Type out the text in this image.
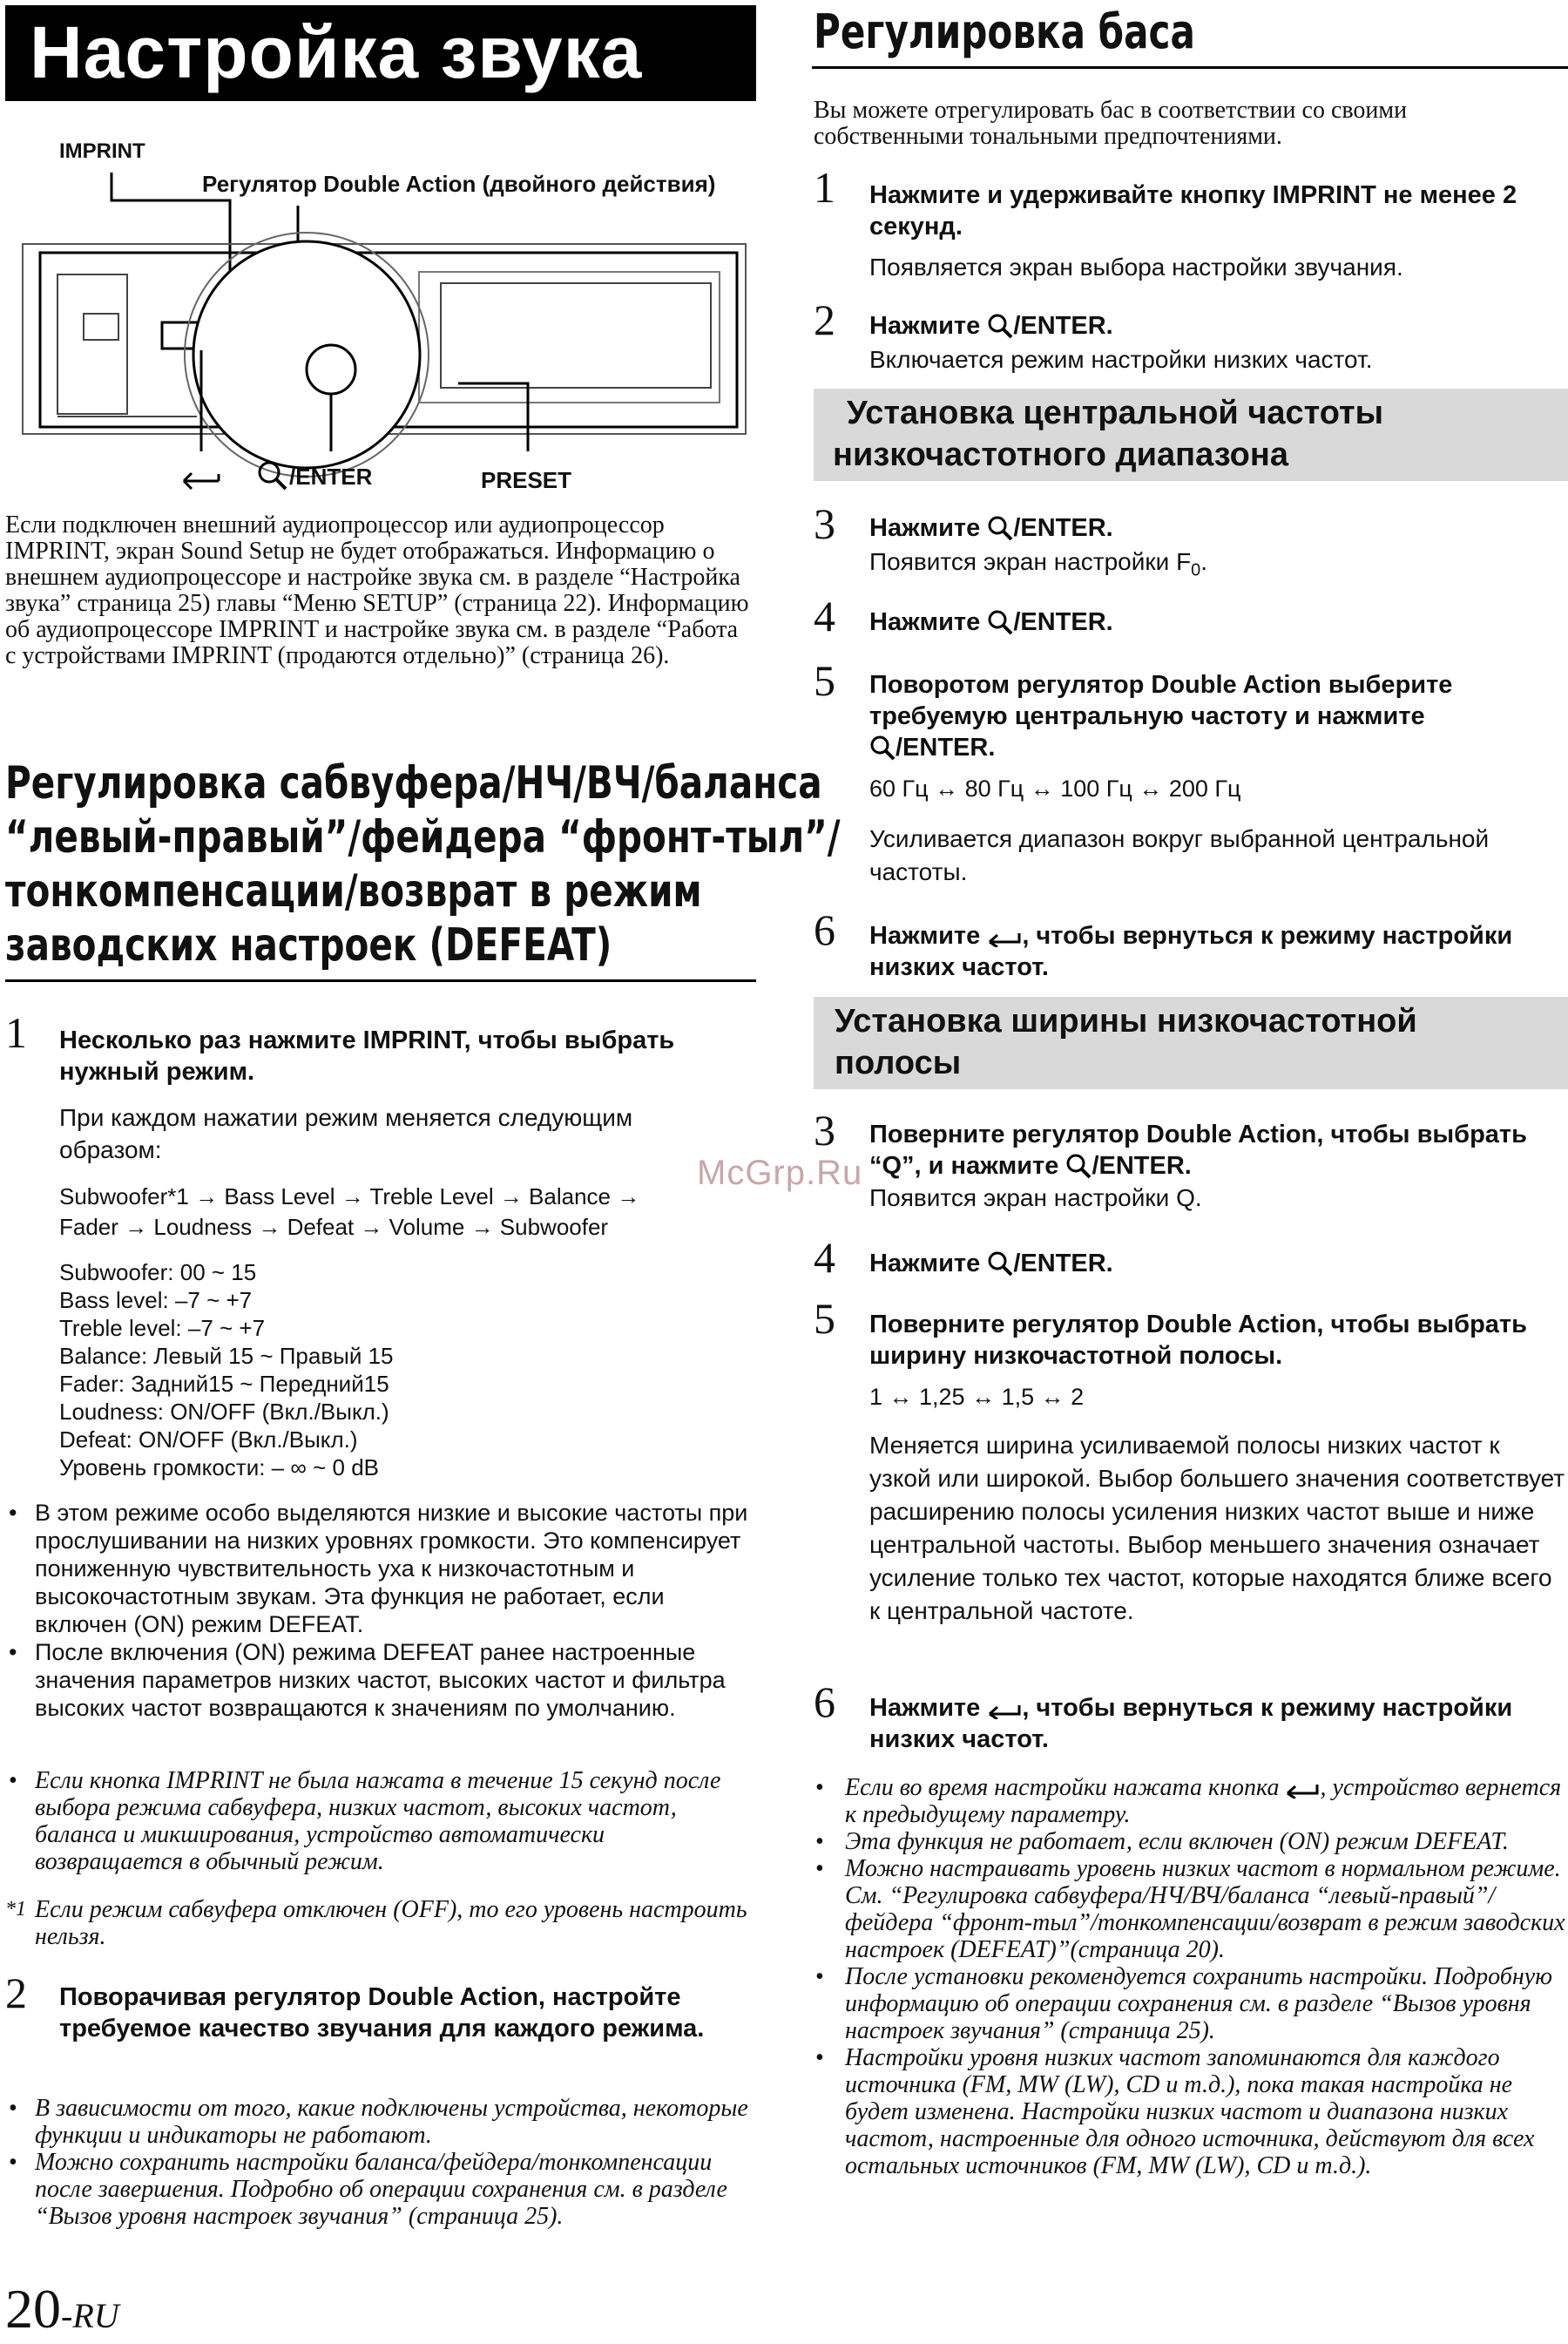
Настройка звука
IMPRINT
Регулятор Double Action (двойного действия)
/ENTER	PRESET
Если подключен внешний аудиопроцессор или аудиопроцессор IMPRINT, экран Sound Setup не будет отображаться. Информацию о внешнем аудиопроцессоре и настройке звука см. в разделе “Настройка звука” страница 25) главы “Меню SETUP” (страница 22). Информацию об аудиопроцессоре IMPRINT и настройке звука см. в разделе “Работа с устройствами IMPRINT (продаются отдельно)” (страница 26).
Регулировка сабвуфера/НЧ/ВЧ/баланса
“левый-правый”/фейдера “фронт-тыл”/
тонкомпенсации/возврат в режим
заводских настроек (DEFEAT)
1 Несколько раз нажмите IMPRINT, чтобы выбрать нужный режим.
При каждом нажатии режим меняется следующим образом:
Subwoofer*1 → Bass Level → Treble Level → Balance →
Fader → Loudness → Defeat → Volume → Subwoofer
Subwoofer: 00 ~ 15
Bass level: –7 ~ +7
Treble level: –7 ~ +7
Balance: Левый 15 ~ Правый 15
Fader: Задний15 ~ Передний15
Loudness: ON/OFF (Вкл./Выкл.)
Defeat: ON/OFF (Вкл./Выкл.)
Уровень громкости: – ∞ ~ 0 dB
• В этом режиме особо выделяются низкие и высокие частоты при прослушивании на низких уровнях громкости. Это компенсирует пониженную чувствительность уха к низкочастотным и высокочастотным звукам. Эта функция не работает, если включен (ON) режим DEFEAT.
• После включения (ON) режима DEFEAT ранее настроенные значения параметров низких частот, высоких частот и фильтра высоких частот возвращаются к значениям по умолчанию.
• Если кнопка IMPRINT не была нажата в течение 15 секунд после выбора режима сабвуфера, низких частот, высоких частот, баланса и микширования, устройство автоматически возвращается в обычный режим.
*1 Если режим сабвуфера отключен (OFF), то его уровень настроить нельзя.
2 Поворачивая регулятор Double Action, настройте требуемое качество звучания для каждого режима.
• В зависимости от того, какие подключены устройства, некоторые функции и индикаторы не работают.
• Можно сохранить настройки баланса/фейдера/тонкомпенсации после завершения. Подробно об операции сохранения см. в разделе “Вызов уровня настроек звучания” (страница 25).
20-RU
Регулировка баса
Вы можете отрегулировать бас в соответствии со своими собственными тональными предпочтениями.
1 Нажмите и удерживайте кнопку IMPRINT не менее 2 секунд.
Появляется экран выбора настройки звучания.
2 Нажмите /ENTER.
Включается режим настройки низких частот.
Установка центральной частоты
низкочастотного диапазона
3 Нажмите /ENTER.
Появится экран настройки $F_0$.
4 Нажмите /ENTER.
5 Поворотом регулятор Double Action выберите требуемую центральную частоту и нажмите
/ENTER.
60 Гц ↔ 80 Гц ↔ 100 Гц ↔ 200 Гц
Усиливается диапазон вокруг выбранной центральной частоты.
6 Нажмите , чтобы вернуться к режиму настройки низких частот.
Установка ширины низкочастотной
полосы
3 Поверните регулятор Double Action, чтобы выбрать “Q”, и нажмите /ENTER.
Появится экран настройки Q.
4 Нажмите /ENTER.
5 Поверните регулятор Double Action, чтобы выбрать ширину низкочастотной полосы.
1 ↔ 1,25 ↔ 1,5 ↔ 2
Меняется ширина усиливаемой полосы низких частот к узкой или широкой. Выбор большего значения соответствует расширению полосы усиления низких частот выше и ниже центральной частоты. Выбор меньшего значения означает усиление только тех частот, которые находятся ближе всего к центральной частоте.
6 Нажмите , чтобы вернуться к режиму настройки низких частот.
• Если во время настройки нажата кнопка , устройство вернется к предыдущему параметру.
• Эта функция не работает, если включен (ON) режим DEFEAT.
• Можно настраивать уровень низких частот в нормальном режиме. См. “Регулировка сабвуфера/НЧ/ВЧ/баланса “левый-правый”/фейдера “фронт-тыл”/тонкомпенсации/возврат в режим заводских настроек (DEFEAT)”(страница 20).
• После установки рекомендуется сохранить настройки. Подробную информацию об операции сохранения см. в разделе “Вызов уровня настроек звучания” (страница 25).
• Настройки уровня низких частот запоминаются для каждого источника (FM, MW (LW), CD и т.д.), пока такая настройка не будет изменена. Настройки низких частот и диапазона низких частот, настроенные для одного источника, действуют для всех остальных источников (FM, MW (LW), CD и т.д.).
McGrp.Ru
